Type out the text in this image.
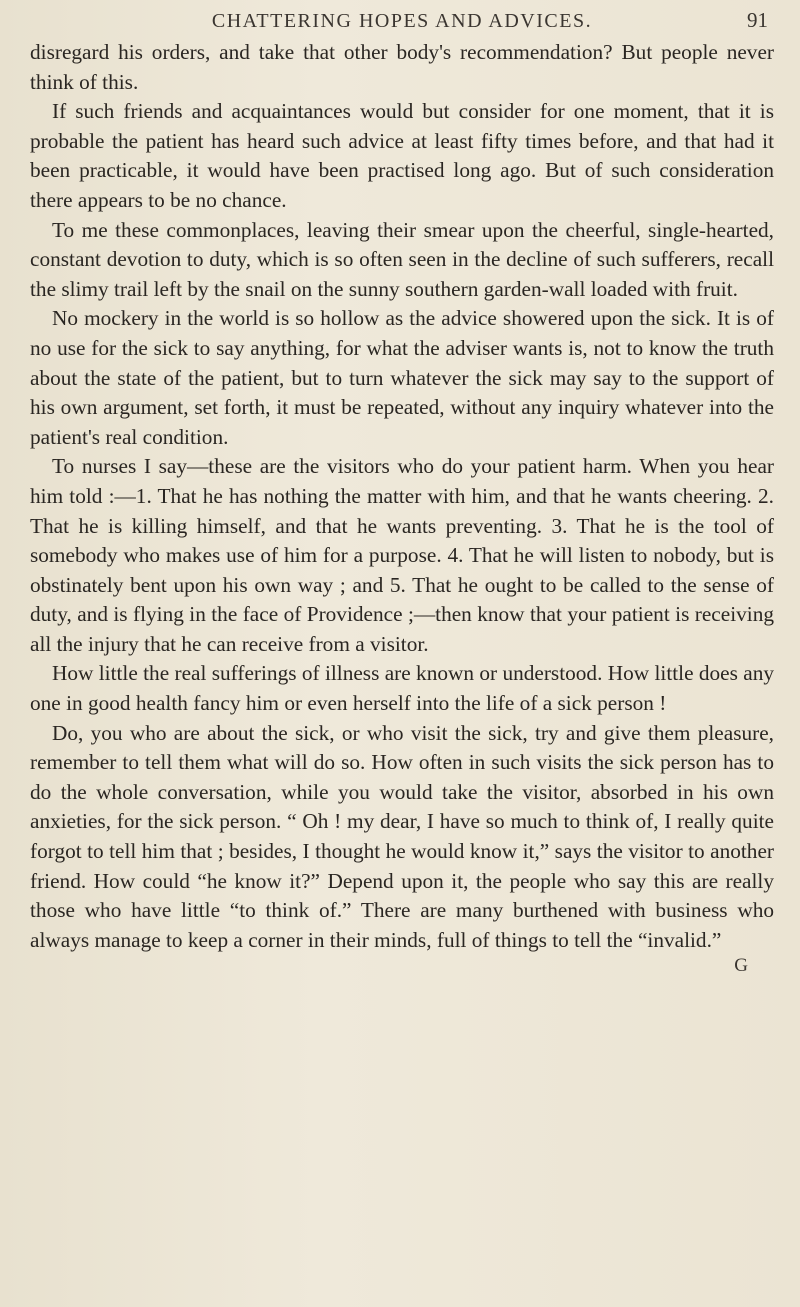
CHATTERING HOPES AND ADVICES.	91

disregard his orders, and take that other body's recommendation? But people never think of this.

If such friends and acquaintances would but consider for one moment, that it is probable the patient has heard such advice at least fifty times before, and that had it been practicable, it would have been practised long ago. But of such consideration there appears to be no chance.

To me these commonplaces, leaving their smear upon the cheerful, single-hearted, constant devotion to duty, which is so often seen in the decline of such sufferers, recall the slimy trail left by the snail on the sunny southern garden-wall loaded with fruit.

No mockery in the world is so hollow as the advice showered upon the sick. It is of no use for the sick to say anything, for what the adviser wants is, not to know the truth about the state of the patient, but to turn whatever the sick may say to the support of his own argument, set forth, it must be repeated, without any inquiry whatever into the patient's real condition.

To nurses I say—these are the visitors who do your patient harm. When you hear him told :—1. That he has nothing the matter with him, and that he wants cheering. 2. That he is killing himself, and that he wants preventing. 3. That he is the tool of somebody who makes use of him for a purpose. 4. That he will listen to nobody, but is obstinately bent upon his own way ; and 5. That he ought to be called to the sense of duty, and is flying in the face of Providence ;—then know that your patient is receiving all the injury that he can receive from a visitor.

How little the real sufferings of illness are known or understood. How little does any one in good health fancy him or even herself into the life of a sick person !

Do, you who are about the sick, or who visit the sick, try and give them pleasure, remember to tell them what will do so. How often in such visits the sick person has to do the whole conversation, while you would take the visitor, absorbed in his own anxieties, for the sick person. “ Oh ! my dear, I have so much to think of, I really quite forgot to tell him that ; besides, I thought he would know it,” says the visitor to another friend. How could “he know it?” Depend upon it, the people who say this are really those who have little “to think of.” There are many burthened with business who always manage to keep a corner in their minds, full of things to tell the “invalid.”

G
